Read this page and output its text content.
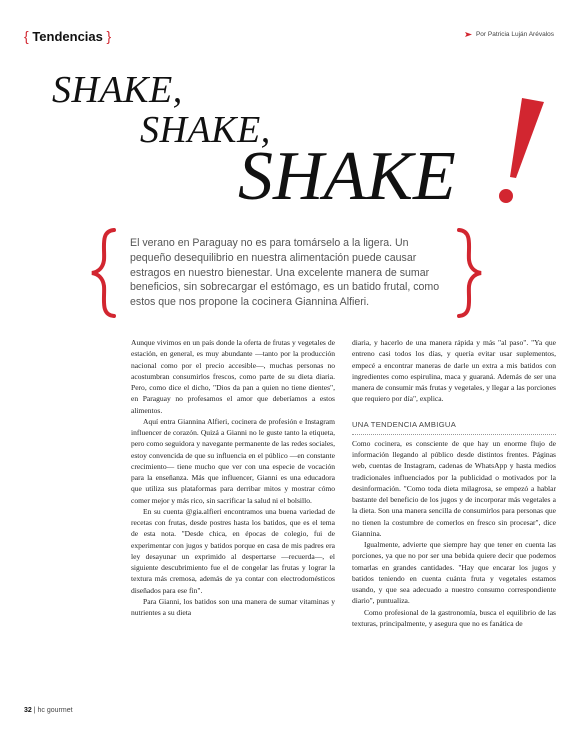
{ Tendencias }	Por Patricia Luján Arévalos
SHAKE,
SHAKE,
SHAKE

El verano en Paraguay no es para tomárselo a la ligera. Un pequeño desequilibrio en nuestra alimentación puede causar estragos en nuestro bienestar. Una excelente manera de sumar beneficios, sin sobrecargar el estómago, es un batido frutal, como estos que nos propone la cocinera Giannina Alfieri.

Aunque vivimos en un país donde la oferta de frutas y vegetales de estación, en general, es muy abundante —tanto por la producción nacional como por el precio accesible—, muchas personas no acostumbran consumirlos frescos, como parte de su dieta diaria. Pero, como dice el dicho, "Dios da pan a quien no tiene dientes", en Paraguay no profesamos el amor que deberíamos a estos alimentos.

Aquí entra Giannina Alfieri, cocinera de profesión e Instagram influencer de corazón. Quizá a Gianni no le guste tanto la etiqueta, pero como seguidora y navegante permanente de las redes sociales, estoy convencida de que su influencia en el público —en constante crecimiento— tiene mucho que ver con una especie de vocación para la enseñanza. Más que influencer, Gianni es una educadora que utiliza sus plataformas para derribar mitos y mostrar cómo comer mejor y más rico, sin sacrificar la salud ni el bolsillo.

En su cuenta @gia.alfieri encontramos una buena variedad de recetas con frutas, desde postres hasta los batidos, que es el tema de esta nota. "Desde chica, en épocas de colegio, fui de experimentar con jugos y batidos porque en casa de mis padres era ley desayunar un exprimido al despertarse —recuerda—, el siguiente descubrimiento fue el de congelar las frutas y lograr la textura más cremosa, además de ya contar con electrodomésticos diseñados para ese fin".

Para Gianni, los batidos son una manera de sumar vitaminas y nutrientes a su dieta

diaria, y hacerlo de una manera rápida y más "al paso". "Ya que entreno casi todos los días, y quería evitar usar suplementos, empecé a encontrar maneras de darle un extra a mis batidos con ingredientes como espirulina, maca y guaraná. Además de ser una manera de consumir más frutas y vegetales, y llegar a las porciones que requiero por día", explica.

UNA TENDENCIA AMBIGUA

Como cocinera, es consciente de que hay un enorme flujo de información llegando al público desde distintos frentes. Páginas web, cuentas de Instagram, cadenas de WhatsApp y hasta medios tradicionales influenciados por la publicidad o motivados por la desinformación. "Como toda dieta milagrosa, se empezó a hablar bastante del beneficio de los jugos y de incorporar más vegetales a la dieta. Son una manera sencilla de consumirlos para personas que no tienen la costumbre de comerlos en fresco sin procesar", dice Giannina.

Igualmente, advierte que siempre hay que tener en cuenta las porciones, ya que no por ser una bebida quiere decir que podemos tomarlas en grandes cantidades. "Hay que encarar los jugos y batidos teniendo en cuenta cuánta fruta y vegetales estamos usando, y que sea adecuado a nuestro consumo correspondiente diario", puntualiza.

Como profesional de la gastronomía, busca el equilibrio de las texturas, principalmente, y asegura que no es fanática de

32 | hc gourmet
